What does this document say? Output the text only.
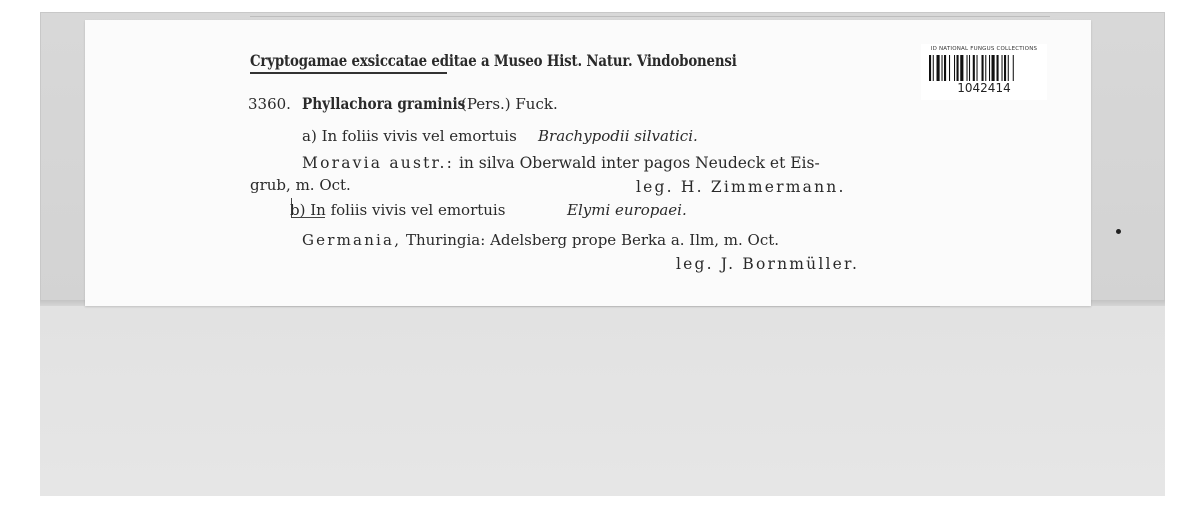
Cryptogamae exsiccatae editae a Museo Hist. Natur. Vindobonensi
3360. Phyllachora graminis
(Pers.) Fuck.
a) In foliis vivis vel emortuis Brachypodii silvatici.
Moravia austr.: in silva Oberwald inter pagos Neudeck et Eis-
grub, m. Oct.	leg. H. Zimmermann.
b) In foliis vivis vel emortuis	Elymi europaei.
Germania, Thuringia: Adelsberg prope Berka a. Ilm, m. Oct.
leg. J. Bornmüller.
ID NATIONAL FUNGUS COLLECTIONS
1042414
